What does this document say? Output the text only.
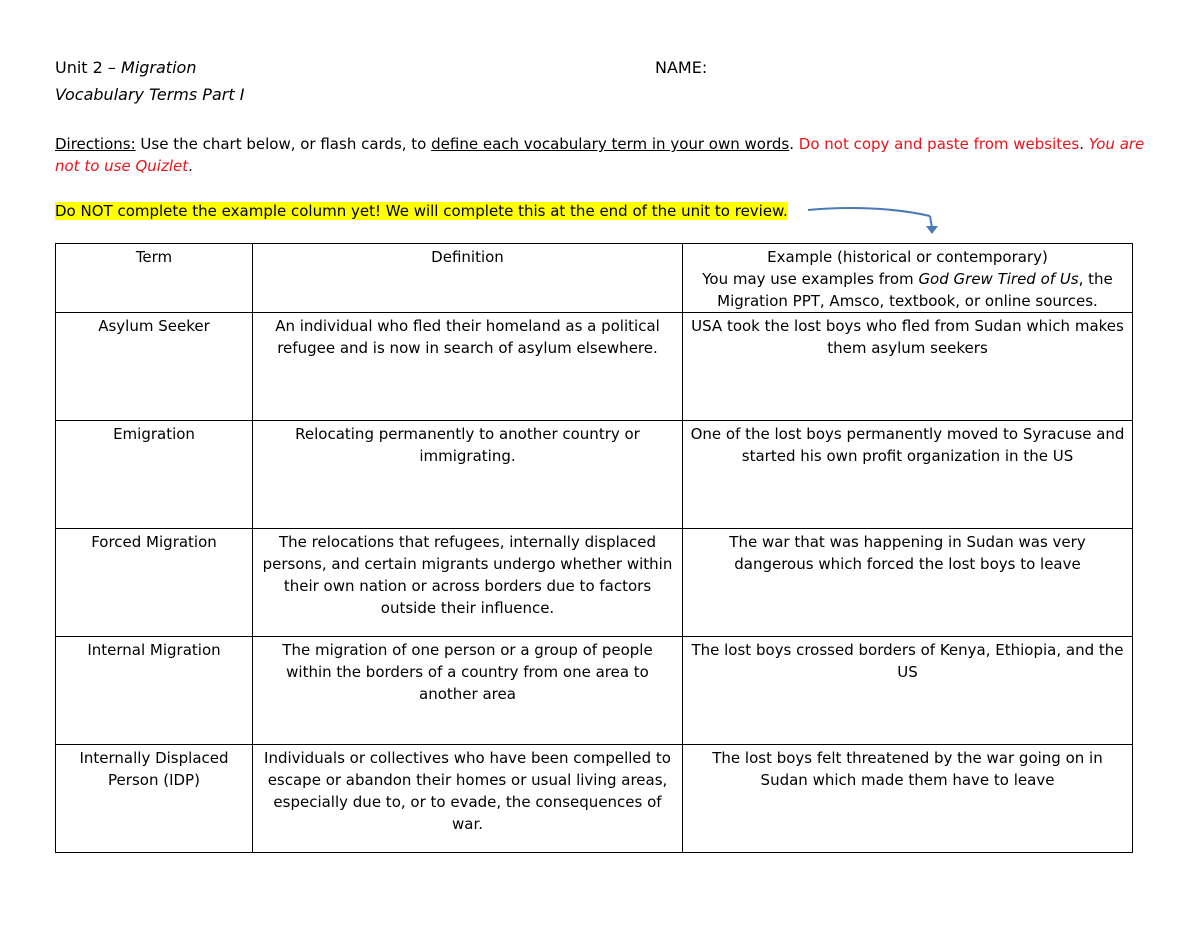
Unit 2 – Migration	NAME:
Vocabulary Terms Part I
Directions: Use the chart below, or flash cards, to define each vocabulary term in your own words. Do not copy and paste from websites. You are not to use Quizlet.
Do NOT complete the example column yet! We will complete this at the end of the unit to review.
Term	Definition	Example (historical or contemporary)
You may use examples from God Grew Tired of Us, the Migration PPT, Amsco, textbook, or online sources.
Asylum Seeker	An individual who fled their homeland as a political refugee and is now in search of asylum elsewhere.	USA took the lost boys who fled from Sudan which makes them asylum seekers
Emigration	Relocating permanently to another country or immigrating.	One of the lost boys permanently moved to Syracuse and started his own profit organization in the US
Forced Migration	The relocations that refugees, internally displaced persons, and certain migrants undergo whether within their own nation or across borders due to factors outside their influence.	The war that was happening in Sudan was very dangerous which forced the lost boys to leave
Internal Migration	The migration of one person or a group of people within the borders of a country from one area to another area	The lost boys crossed borders of Kenya, Ethiopia, and the US
Internally Displaced Person (IDP)	Individuals or collectives who have been compelled to escape or abandon their homes or usual living areas, especially due to, or to evade, the consequences of war.	The lost boys felt threatened by the war going on in Sudan which made them have to leave
